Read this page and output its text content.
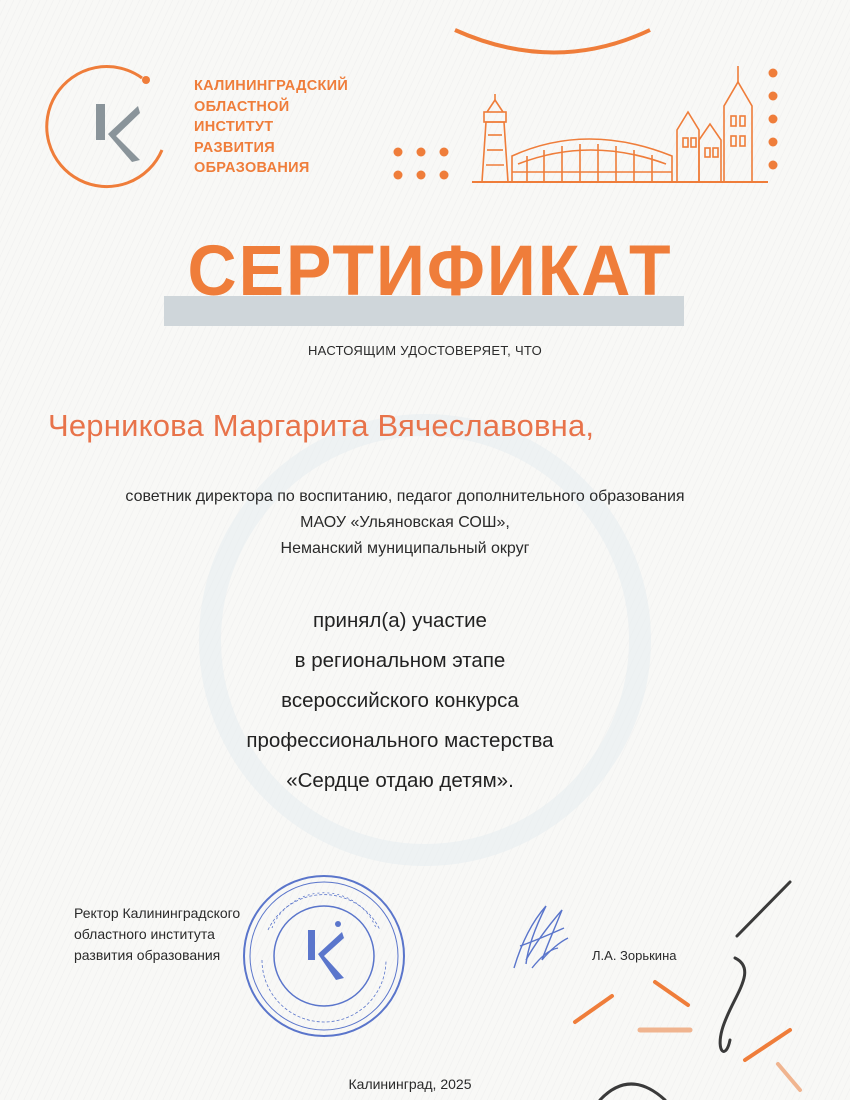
КАЛИНИНГРАДСКИЙ
ОБЛАСТНОЙ
ИНСТИТУТ
РАЗВИТИЯ
ОБРАЗОВАНИЯ
СЕРТИФИКАТ
НАСТОЯЩИМ УДОСТОВЕРЯЕТ, ЧТО
Черникова Маргарита Вячеславовна,
советник директора по воспитанию, педагог дополнительного образования
МАОУ «Ульяновская СОШ»,
Неманский муниципальный округ
принял(а) участие
в региональном этапе
всероссийского конкурса
профессионального мастерства
«Сердце отдаю детям».
Ректор Калининградского
областного института
развития образования	Л.А. Зорькина
Калининград, 2025
